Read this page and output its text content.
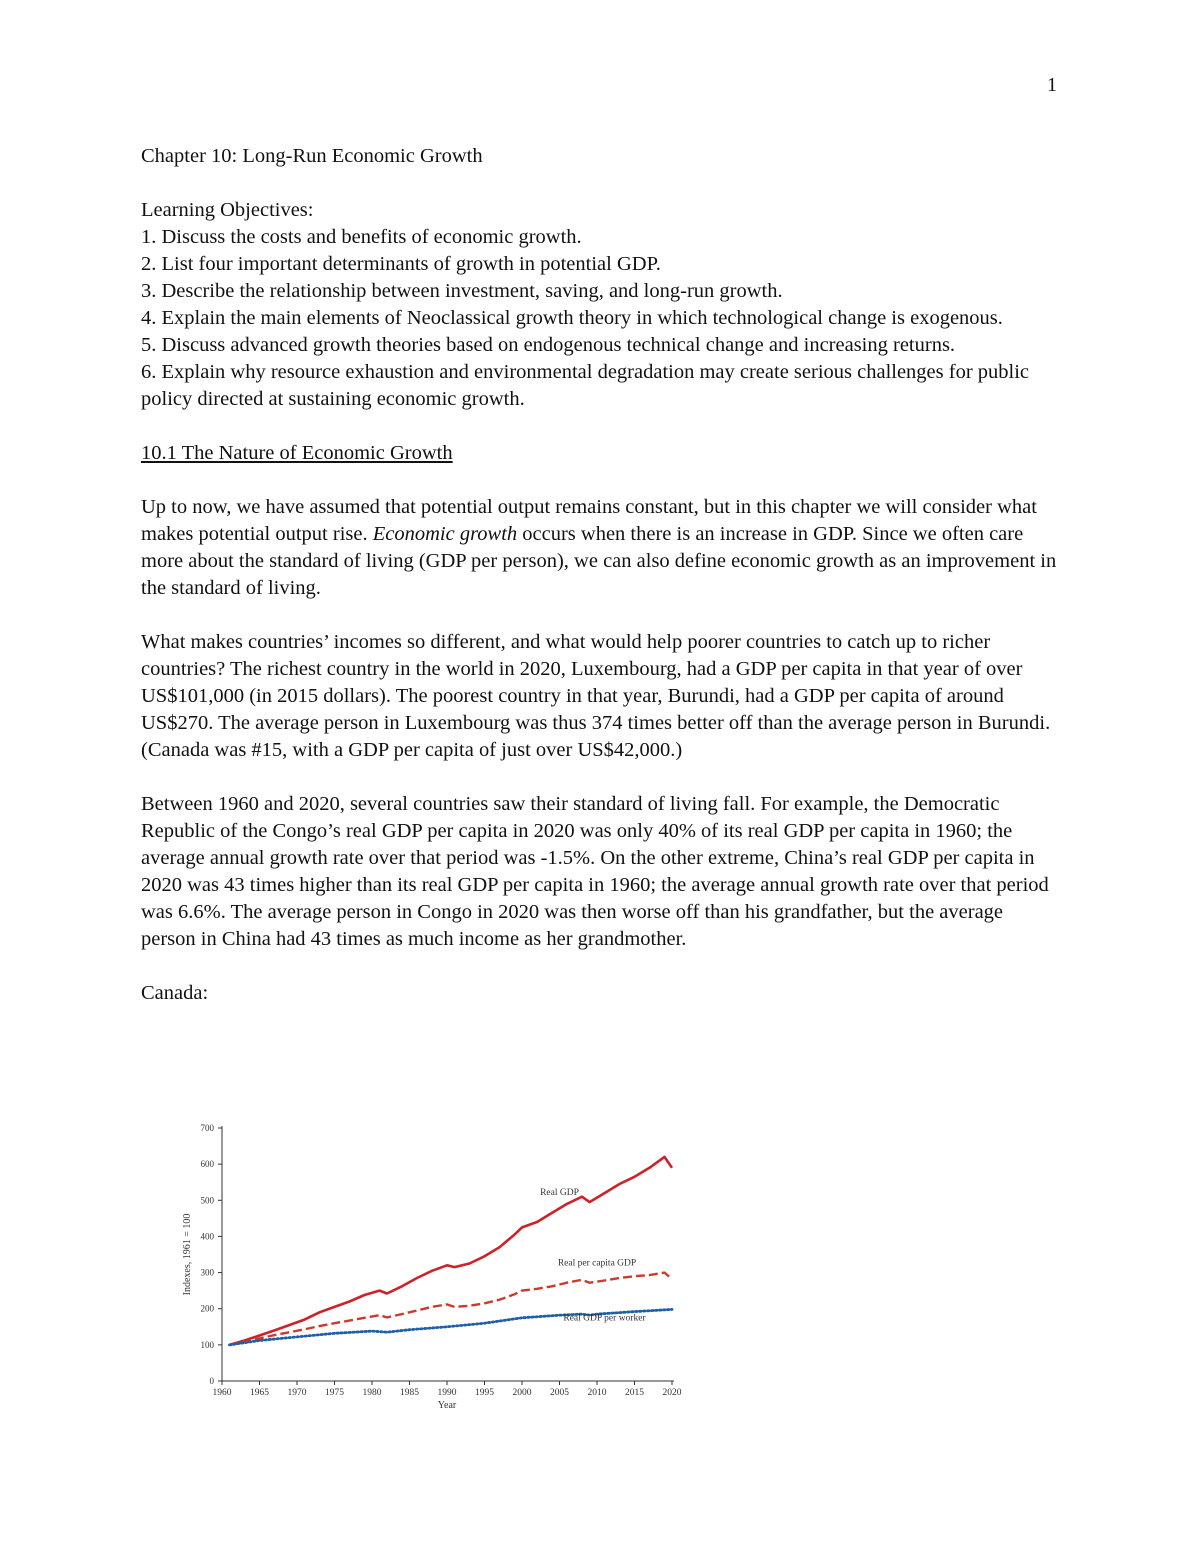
1

Chapter 10: Long-Run Economic Growth

Learning Objectives:

1. Discuss the costs and benefits of economic growth.

2. List four important determinants of growth in potential GDP.

3. Describe the relationship between investment, saving, and long-run growth.

4. Explain the main elements of Neoclassical growth theory in which technological change is exogenous.

5. Discuss advanced growth theories based on endogenous technical change and increasing returns.

6. Explain why resource exhaustion and environmental degradation may create serious challenges for public policy directed at sustaining economic growth.

10.1 The Nature of Economic Growth

Up to now, we have assumed that potential output remains constant, but in this chapter we will consider what makes potential output rise. Economic growth occurs when there is an increase in GDP. Since we often care more about the standard of living (GDP per person), we can also define economic growth as an improvement in the standard of living.

What makes countries’ incomes so different, and what would help poorer countries to catch up to richer countries? The richest country in the world in 2020, Luxembourg, had a GDP per capita in that year of over US$101,000 (in 2015 dollars). The poorest country in that year, Burundi, had a GDP per capita of around US$270. The average person in Luxembourg was thus 374 times better off than the average person in Burundi. (Canada was #15, with a GDP per capita of just over US$42,000.)

Between 1960 and 2020, several countries saw their standard of living fall. For example, the Democratic Republic of the Congo’s real GDP per capita in 2020 was only 40% of its real GDP per capita in 1960; the average annual growth rate over that period was -1.5%. On the other extreme, China’s real GDP per capita in 2020 was 43 times higher than its real GDP per capita in 1960; the average annual growth rate over that period was 6.6%. The average person in Congo in 2020 was then worse off than his grandfather, but the average person in China had 43 times as much income as her grandmother.

Canada:

0
100
200
300
400
500
600
700
1960 1965 1970 1975 1980 1985 1990 1995 2000 2005 2010 2015 2020
Year
Indexes, 1961 = 100
Real GDP
Real per capita GDP
Real GDP per worker
